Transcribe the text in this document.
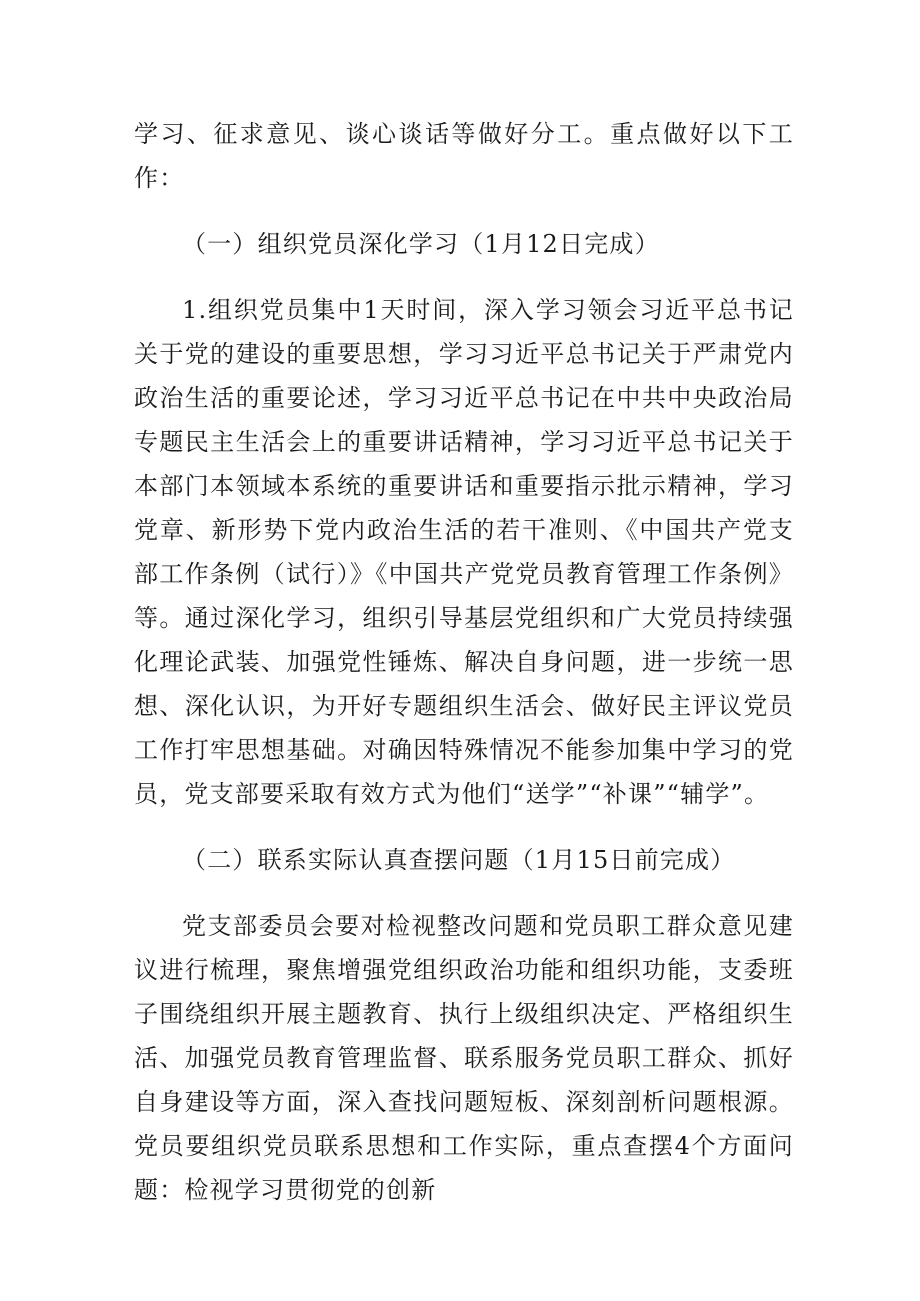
学习、征求意见、谈心谈话等做好分工。重点做好以下工作：

（一）组织党员深化学习（1月12日完成）

1.组织党员集中1天时间，深入学习领会习近平总书记关于党的建设的重要思想，学习习近平总书记关于严肃党内政治生活的重要论述，学习习近平总书记在中共中央政治局专题民主生活会上的重要讲话精神，学习习近平总书记关于本部门本领域本系统的重要讲话和重要指示批示精神，学习党章、新形势下党内政治生活的若干准则、《中国共产党支部工作条例（试行）》《中国共产党党员教育管理工作条例》等。通过深化学习，组织引导基层党组织和广大党员持续强化理论武装、加强党性锤炼、解决自身问题，进一步统一思想、深化认识，为开好专题组织生活会、做好民主评议党员工作打牢思想基础。对确因特殊情况不能参加集中学习的党员，党支部要采取有效方式为他们“送学”“补课”“辅学”。

（二）联系实际认真查摆问题（1月15日前完成）

党支部委员会要对检视整改问题和党员职工群众意见建议进行梳理，聚焦增强党组织政治功能和组织功能，支委班子围绕组织开展主题教育、执行上级组织决定、严格组织生活、加强党员教育管理监督、联系服务党员职工群众、抓好自身建设等方面，深入查找问题短板、深刻剖析问题根源。党员要组织党员联系思想和工作实际，重点查摆4个方面问题：检视学习贯彻党的创新
